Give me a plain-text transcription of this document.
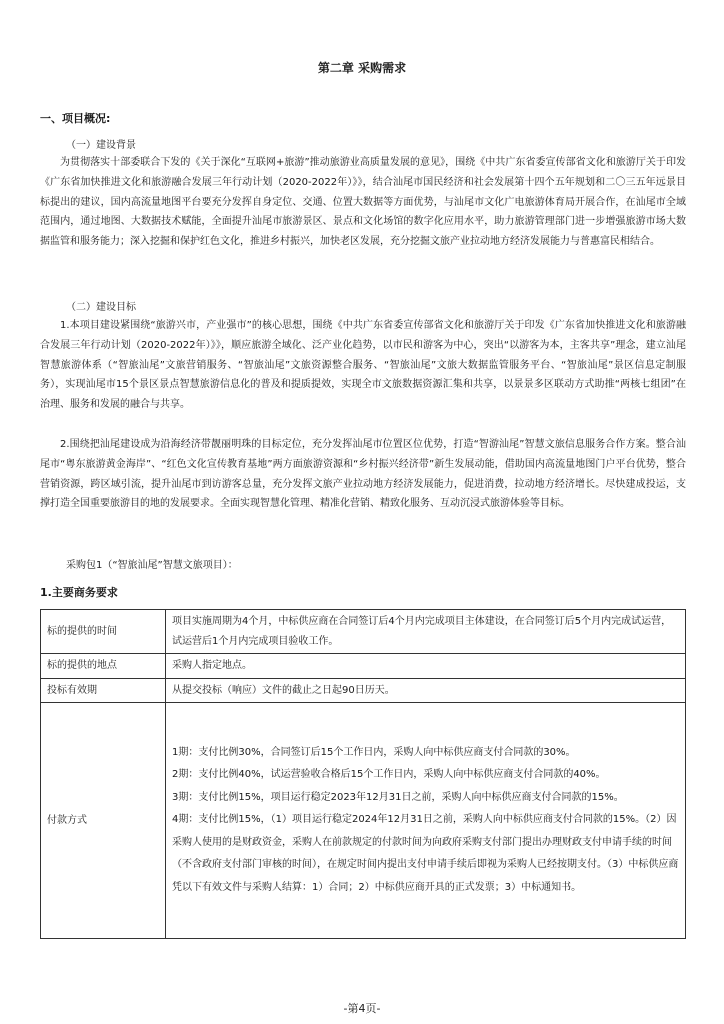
第二章 采购需求
一、项目概况:
（一）建设背景

为贯彻落实十部委联合下发的《关于深化“互联网+旅游”推动旅游业高质量发展的意见》，围绕《中共广东省委宣传部省文化和旅游厅关于印发《广东省加快推进文化和旅游融合发展三年行动计划（2020-2022年）》》，结合汕尾市国民经济和社会发展第十四个五年规划和二〇三五年远景目标提出的建议，国内高流量地图平台要充分发挥自身定位、交通、位置大数据等方面优势，与汕尾市文化广电旅游体育局开展合作，在汕尾市全域范围内，通过地图、大数据技术赋能，全面提升汕尾市旅游景区、景点和文化场馆的数字化应用水平，助力旅游管理部门进一步增强旅游市场大数据监管和服务能力；深入挖掘和保护红色文化，推进乡村振兴，加快老区发展，充分挖掘文旅产业拉动地方经济发展能力与普惠富民相结合。

（二）建设目标

1.本项目建设紧围绕“旅游兴市，产业强市”的核心思想，围绕《中共广东省委宣传部省文化和旅游厅关于印发《广东省加快推进文化和旅游融合发展三年行动计划（2020-2022年）》》，顺应旅游全域化、泛产业化趋势，以市民和游客为中心，突出“以游客为本，主客共享”理念，建立汕尾智慧旅游体系（“智旅汕尾”文旅营销服务、“智旅汕尾”文旅资源整合服务、“智旅汕尾”文旅大数据监管服务平台、“智旅汕尾”景区信息定制服务），实现汕尾市15个景区景点智慧旅游信息化的普及和提质提效，实现全市文旅数据资源汇集和共享，以景景多区联动方式助推“两核七组团”在治理、服务和发展的融合与共享。

2.围绕把汕尾建设成为沿海经济带靓丽明珠的目标定位，充分发挥汕尾市位置区位优势，打造“智游汕尾”智慧文旅信息服务合作方案。整合汕尾市“粤东旅游黄金海岸”、“红色文化宣传教育基地”两方面旅游资源和“乡村振兴经济带”新生发展动能，借助国内高流量地图门户平台优势，整合营销资源，跨区域引流，提升汕尾市到访游客总量，充分发挥文旅产业拉动地方经济发展能力，促进消费，拉动地方经济增长。尽快建成投运，支撑打造全国重要旅游目的地的发展要求。全面实现智慧化管理、精准化营销、精致化服务、互动沉浸式旅游体验等目标。

采购包1（“智旅汕尾”智慧文旅项目）：
1.主要商务要求
标的提供的时间	项目实施周期为4个月，中标供应商在合同签订后4个月内完成项目主体建设，在合同签订后5个月内完成试运营，试运营后1个月内完成项目验收工作。
标的提供的地点	采购人指定地点。
投标有效期	从提交投标（响应）文件的截止之日起90日历天。
付款方式	1期：支付比例30%，合同签订后15个工作日内，采购人向中标供应商支付合同款的30%。

2期：支付比例40%，试运营验收合格后15个工作日内，采购人向中标供应商支付合同款的40%。

3期：支付比例15%，项目运行稳定2023年12月31日之前，采购人向中标供应商支付合同款的15%。

4期：支付比例15%，（1）项目运行稳定2024年12月31日之前，采购人向中标供应商支付合同款的15%。（2）因采购人使用的是财政资金，采购人在前款规定的付款时间为向政府采购支付部门提出办理财政支付申请手续的时间（不含政府支付部门审核的时间），在规定时间内提出支付申请手续后即视为采购人已经按期支付。（3）中标供应商凭以下有效文件与采购人结算：1）合同；2）中标供应商开具的正式发票；3）中标通知书。

-第4页-
